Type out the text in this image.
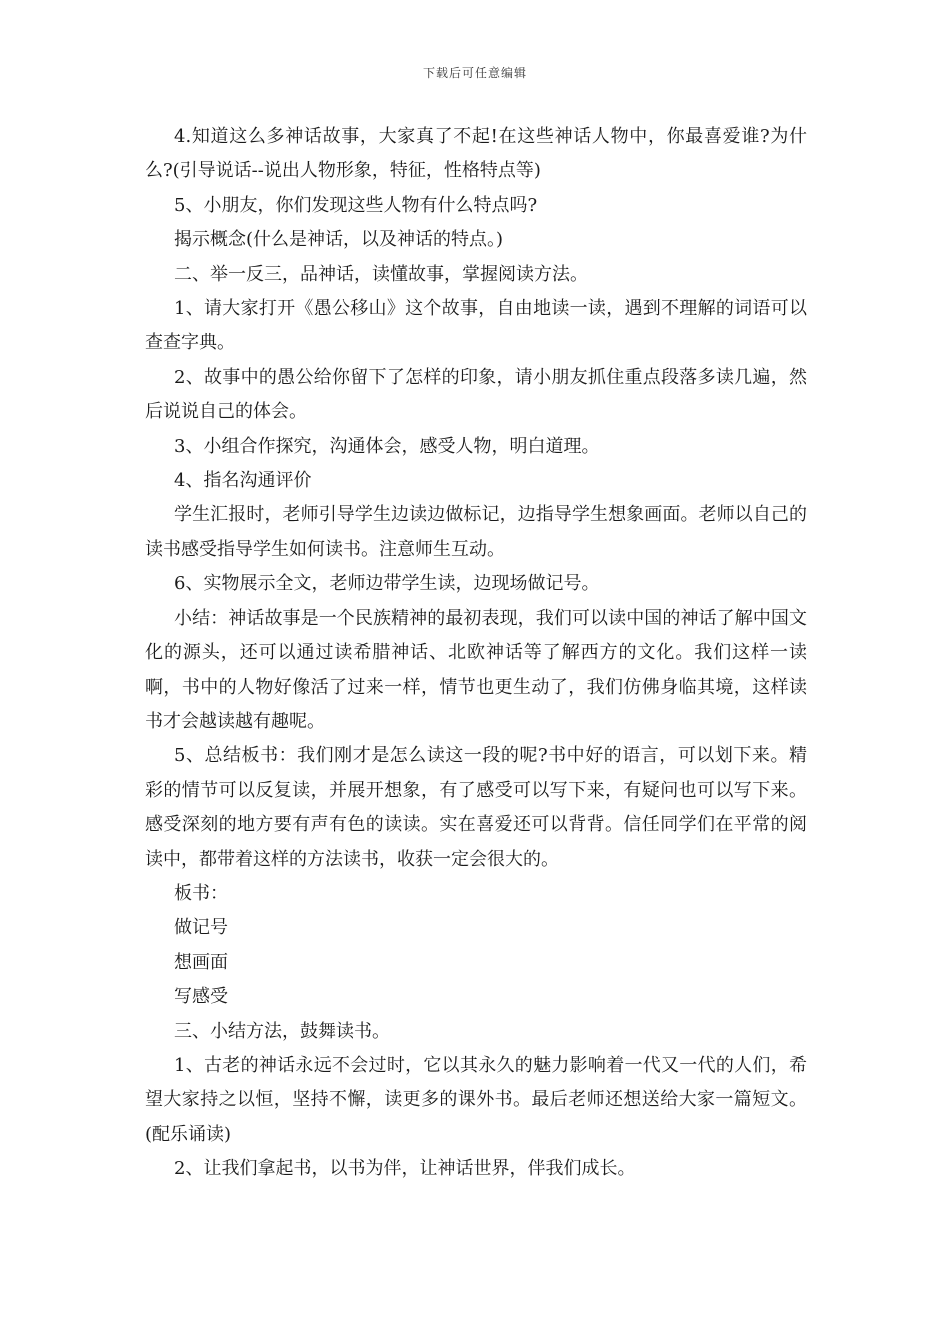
下载后可任意编辑

4.知道这么多神话故事，大家真了不起!在这些神话人物中，你最喜爱谁?为什么?(引导说话--说出人物形象，特征，性格特点等)

5、小朋友，你们发现这些人物有什么特点吗?

揭示概念(什么是神话，以及神话的特点。)

二、举一反三，品神话，读懂故事，掌握阅读方法。

1、请大家打开《愚公移山》这个故事，自由地读一读，遇到不理解的词语可以查查字典。

2、故事中的愚公给你留下了怎样的印象，请小朋友抓住重点段落多读几遍，然后说说自己的体会。

3、小组合作探究，沟通体会，感受人物，明白道理。

4、指名沟通评价

学生汇报时，老师引导学生边读边做标记，边指导学生想象画面。老师以自己的读书感受指导学生如何读书。注意师生互动。

6、实物展示全文，老师边带学生读，边现场做记号。

小结：神话故事是一个民族精神的最初表现，我们可以读中国的神话了解中国文化的源头，还可以通过读希腊神话、北欧神话等了解西方的文化。我们这样一读啊，书中的人物好像活了过来一样，情节也更生动了，我们仿佛身临其境，这样读书才会越读越有趣呢。

5、总结板书：我们刚才是怎么读这一段的呢?书中好的语言，可以划下来。精彩的情节可以反复读，并展开想象，有了感受可以写下来，有疑问也可以写下来。感受深刻的地方要有声有色的读读。实在喜爱还可以背背。信任同学们在平常的阅读中，都带着这样的方法读书，收获一定会很大的。

板书：

做记号

想画面

写感受

三、小结方法，鼓舞读书。

1、古老的神话永远不会过时，它以其永久的魅力影响着一代又一代的人们，希望大家持之以恒，坚持不懈，读更多的课外书。最后老师还想送给大家一篇短文。(配乐诵读)

2、让我们拿起书，以书为伴，让神话世界，伴我们成长。
